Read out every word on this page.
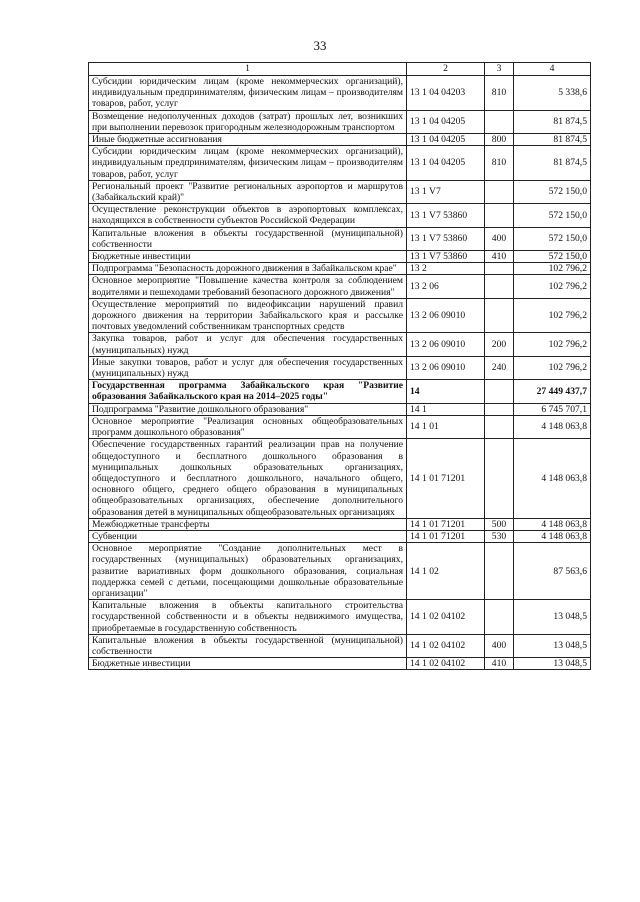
33
1	2	3	4
Субсидии юридическим лицам (кроме некоммерческих организаций), индивидуальным предпринимателям, физическим лицам – производителям товаров, работ, услуг	13 1 04 04203	810	5 338,6
Возмещение недополученных доходов (затрат) прошлых лет, возникших при выполнении перевозок пригородным железнодорожным транспортом	13 1 04 04205		81 874,5
Иные бюджетные ассигнования	13 1 04 04205	800	81 874,5
Субсидии юридическим лицам (кроме некоммерческих организаций), индивидуальным предпринимателям, физическим лицам – производителям товаров, работ, услуг	13 1 04 04205	810	81 874,5
Региональный проект "Развитие региональных аэропортов и маршрутов (Забайкальский край)"	13 1 V7		572 150,0
Осуществление реконструкции объектов в аэропортовых комплексах, находящихся в собственности субъектов Российской Федерации	13 1 V7 53860		572 150,0
Капитальные вложения в объекты государственной (муниципальной) собственности	13 1 V7 53860	400	572 150,0
Бюджетные инвестиции	13 1 V7 53860	410	572 150,0
Подпрограмма "Безопасность дорожного движения в Забайкальском крае"	13 2		102 796,2
Основное мероприятие "Повышение качества контроля за соблюдением водителями и пешеходами требований безопасного дорожного движения"	13 2 06		102 796,2
Осуществление мероприятий по видеофиксации нарушений правил дорожного движения на территории Забайкальского края и рассылке почтовых уведомлений собственникам транспортных средств	13 2 06 09010		102 796,2
Закупка товаров, работ и услуг для обеспечения государственных (муниципальных) нужд	13 2 06 09010	200	102 796,2
Иные закупки товаров, работ и услуг для обеспечения государственных (муниципальных) нужд	13 2 06 09010	240	102 796,2
Государственная программа Забайкальского края "Развитие образования Забайкальского края на 2014–2025 годы"	14		27 449 437,7
Подпрограмма "Развитие дошкольного образования"	14 1		6 745 707,1
Основное мероприятие "Реализация основных общеобразовательных программ дошкольного образования"	14 1 01		4 148 063,8
Обеспечение государственных гарантий реализации прав на получение общедоступного и бесплатного дошкольного образования в муниципальных дошкольных образовательных организациях, общедоступного и бесплатного дошкольного, начального общего, основного общего, среднего общего образования в муниципальных общеобразовательных организациях, обеспечение дополнительного образования детей в муниципальных общеобразовательных организациях	14 1 01 71201		4 148 063,8
Межбюджетные трансферты	14 1 01 71201	500	4 148 063,8
Субвенции	14 1 01 71201	530	4 148 063,8
Основное мероприятие "Создание дополнительных мест в государственных (муниципальных) образовательных организациях, развитие вариативных форм дошкольного образования, социальная поддержка семей с детьми, посещающими дошкольные образовательные организации"	14 1 02		87 563,6
Капитальные вложения в объекты капитального строительства государственной собственности и в объекты недвижимого имущества, приобретаемые в государственную собственность	14 1 02 04102		13 048,5
Капитальные вложения в объекты государственной (муниципальной) собственности	14 1 02 04102	400	13 048,5
Бюджетные инвестиции	14 1 02 04102	410	13 048,5
